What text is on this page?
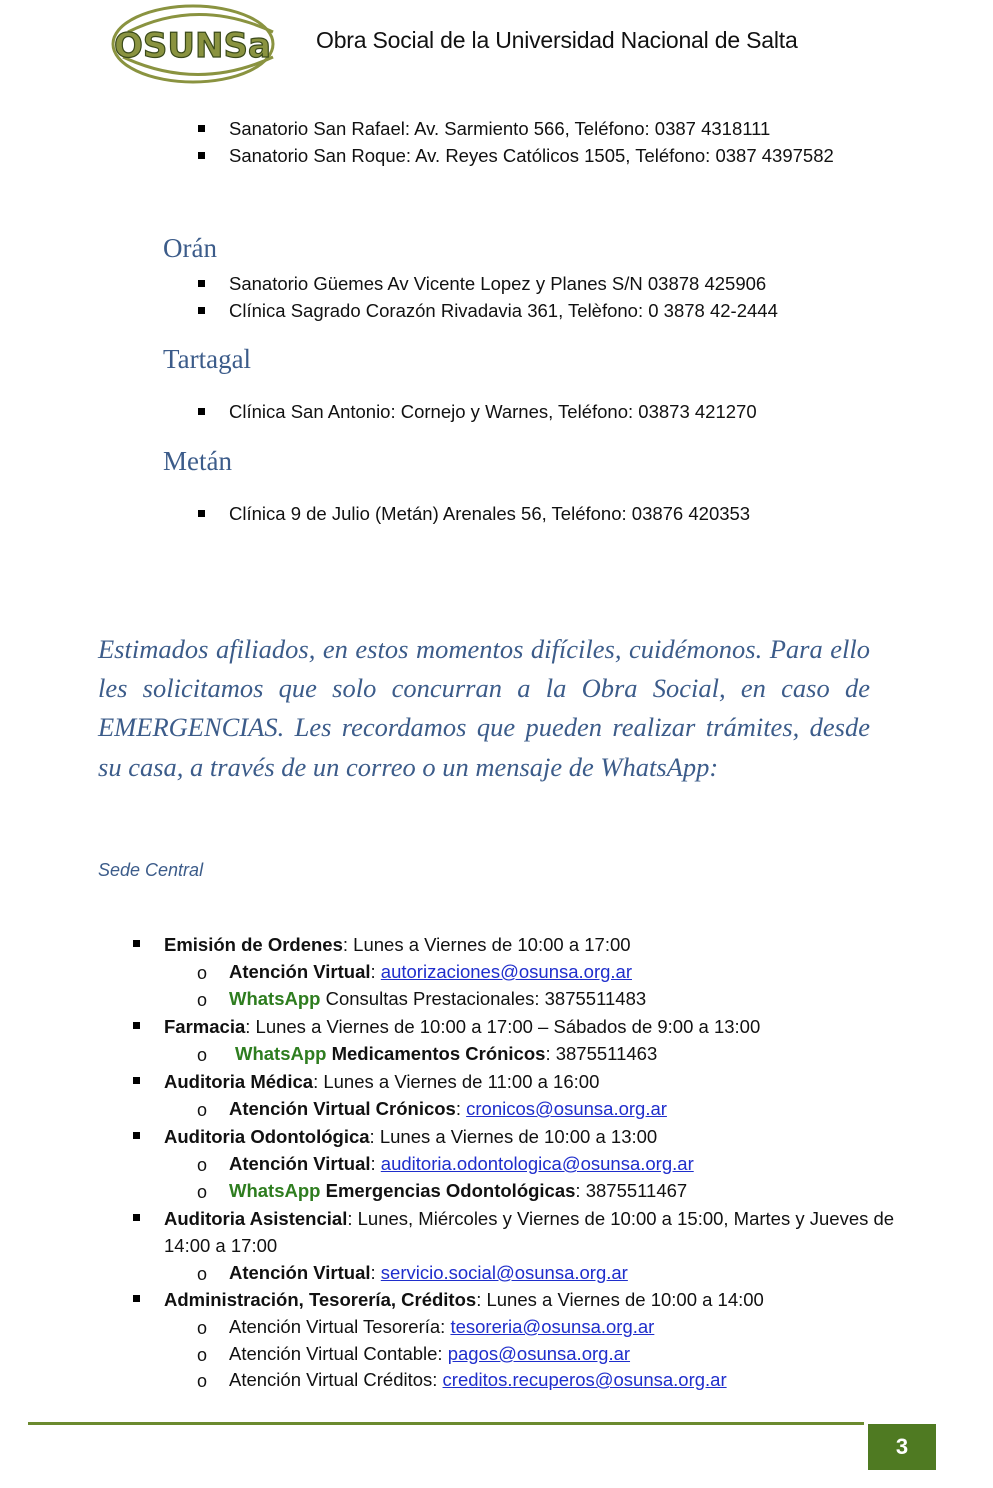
OSUNSa Obra Social de la Universidad Nacional de Salta
Sanatorio San Rafael: Av. Sarmiento 566, Teléfono: 0387 4318111
Sanatorio San Roque: Av. Reyes Católicos 1505, Teléfono: 0387 4397582
Orán
Sanatorio Güemes Av Vicente Lopez y Planes S/N 03878 425906
Clínica Sagrado Corazón Rivadavia 361, Telèfono: 0 3878 42-2444
Tartagal
Clínica San Antonio: Cornejo y Warnes, Teléfono: 03873 421270
Metán
Clínica 9 de Julio (Metán) Arenales 56, Teléfono: 03876 420353
Estimados afiliados, en estos momentos difíciles, cuidémonos. Para ello les solicitamos que solo concurran a la Obra Social, en caso de EMERGENCIAS. Les recordamos que pueden realizar trámites, desde su casa, a través de un correo o un mensaje de WhatsApp:
Sede Central
Emisión de Ordenes: Lunes a Viernes de 10:00 a 17:00
o Atención Virtual: autorizaciones@osunsa.org.ar
o WhatsApp Consultas Prestacionales: 3875511483
Farmacia: Lunes a Viernes de 10:00 a 17:00 – Sábados de 9:00 a 13:00
o WhatsApp Medicamentos Crónicos: 3875511463
Auditoria Médica: Lunes a Viernes de 11:00 a 16:00
o Atención Virtual Crónicos: cronicos@osunsa.org.ar
Auditoria Odontológica: Lunes a Viernes de 10:00 a 13:00
o Atención Virtual: auditoria.odontologica@osunsa.org.ar
o WhatsApp Emergencias Odontológicas: 3875511467
Auditoria Asistencial: Lunes, Miércoles y Viernes de 10:00 a 15:00, Martes y Jueves de
14:00 a 17:00
o Atención Virtual: servicio.social@osunsa.org.ar
Administración, Tesorería, Créditos: Lunes a Viernes de 10:00 a 14:00
o Atención Virtual Tesorería: tesoreria@osunsa.org.ar
o Atención Virtual Contable: pagos@osunsa.org.ar
o Atención Virtual Créditos: creditos.recuperos@osunsa.org.ar
3
